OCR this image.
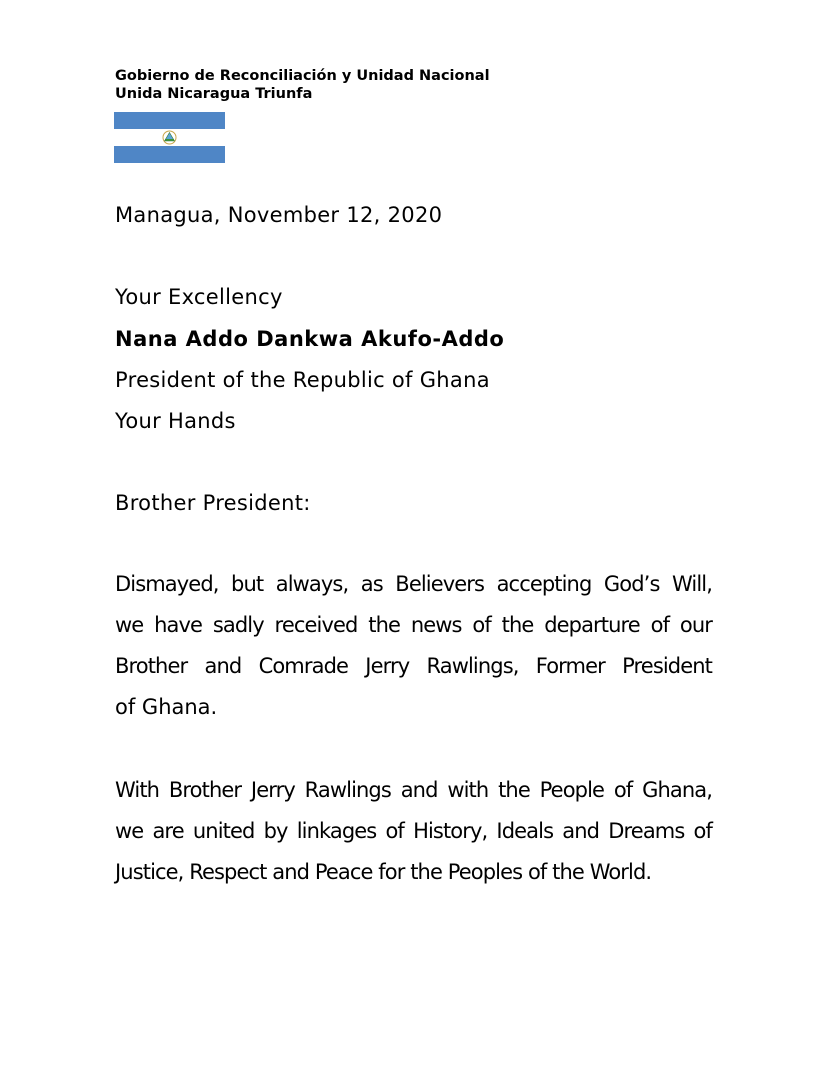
Gobierno de Reconciliación y Unidad Nacional
Unida Nicaragua Triunfa
Managua, November 12, 2020
Your Excellency
Nana Addo Dankwa Akufo-Addo
President of the Republic of Ghana
Your Hands
Brother President:
Dismayed, but always, as Believers accepting God’s Will,
we have sadly received the news of the departure of our
Brother and Comrade Jerry Rawlings, Former President
of Ghana.
With Brother Jerry Rawlings and with the People of Ghana,
we are united by linkages of History, Ideals and Dreams of
Justice, Respect and Peace for the Peoples of the World.
